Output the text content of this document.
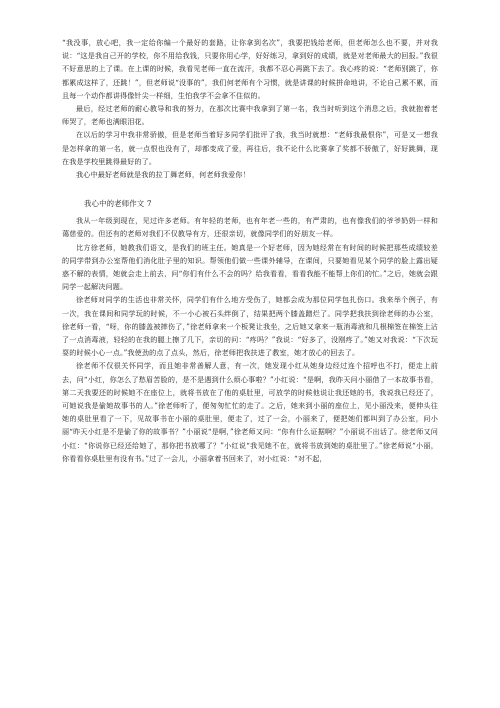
“我没事，放心吧，我一定给你编一个最好的套路，让你拿到名次”，我要把钱给老师，但老师怎么也不要，并对我说：“这是我自己开的学校，你不用给我钱，只要你用心学，好好练习，拿到好的成绩，就是对老师最大的回报。”我很不好意思的上了课。在上课的时候，我看见老师一直在流汗，我都不忍心再跳下去了。我心疼的说：“老师别跳了，你都累成这样了，还跳！”，但老师说“没事的”，我们何老师有个习惯，就是讲课的时候拼命地讲，不论自己累不累，而且每一个动作都讲得像针尖一样细，生怕我学不会拿不住似的。

最后，经过老师的耐心教导和我的努力，在那次比赛中我拿到了第一名，我当时听到这个消息之后，我就抱着老师哭了，老师也满眼泪花。

在以后的学习中我非常骄傲，但是老师当着好多同学们批评了我，我当时就想：“老师我最恨你”，可是又一想我是怎样拿的第一名，就一点恨也没有了，却都变成了爱，再往后，我不论什么比赛拿了奖都不骄傲了，好好跳舞，现在我是学校里跳得最好的了。

我心中最好老师就是我的拉丁舞老师，何老师我爱你！

我心中的老师作文 7

我从一年级到现在，见过许多老师。有年轻的老师，也有年老一些的，有严肃的，也有像我们的爷爷奶奶一样和蔼慈爱的。但还有的老师对我们不仅教导有方，还很亲切，就像同学们的好朋友一样。

比方徐老师，她教我们语文，是我们的班主任。她真是一个好老师，因为她经常在有时间的时候把那些成绩较差的同学带到办公室帮他们消化肚子里的知识。帮领他们做一些课外辅导，在课间，只要她看见某个同学的脸上露出疑惑不解的表情，她就会走上前去，问“你们有什么不会的吗？给我看看，看看我能不能帮上你们的忙。”之后，她就会跟同学一起解决问题。

徐老师对同学的生活也非常关怀，同学们有什么地方受伤了，她都会成为那位同学包扎伤口。我来举个例子，有一次，我在课间和同学玩的时候，不一小心被石头绊倒了，结果把两个膝盖蹭烂了。同学把我扶到徐老师的办公室，徐老师一看，“呀，你的膝盖被摔伤了，”徐老师拿来一个板凳让我坐，之后她又拿来一瓶消毒液和几根棉签在棉签上沾了一点消毒液，轻轻的在我的腿上擦了几下，亲切的问：“疼吗？”我说：“好多了，没刚疼了。”她又对我说：“下次玩耍的时候小心一点。”我使劲的点了点头，然后，徐老师把我扶进了教室，她才放心的回去了。

徐老师不仅很关怀同学，而且她非常善解人意，有一次，她发现小红从她身边经过连个招呼也不打，便走上前去，问“小红，你怎么了愁眉苦脸的，是不是遇到什么烦心事啦？”小红说：“是啊，我昨天问小丽借了一本故事书看，第二天我要还的时候她不在座位上，就将书放在了他的桌肚里，可放学的时候他说让我还她的书，我说我已经还了，可她说我是偷她故事书的人。”徐老师听了，便匆匆忙忙的走了。之后，她来到小丽的座位上，见小丽没来，便伸头往她的桌肚里看了一下，见故事书在小丽的桌肚里，便走了，过了一会，小丽来了，便把她们都叫到了办公室，问小丽“昨天小红是不是偷了你的故事书？”小丽说“是啊，”徐老师又问：“你有什么证据啊？”小丽说不出话了。徐老师又问小红：“你说你已经还给她了，那你把书放哪了？”小红说“我见她不在，就将书放到她的桌肚里了。”徐老师说“小丽，你看看你桌肚里有没有书。”过了一会儿，小丽拿着书回来了，对小红说：“对不起，
